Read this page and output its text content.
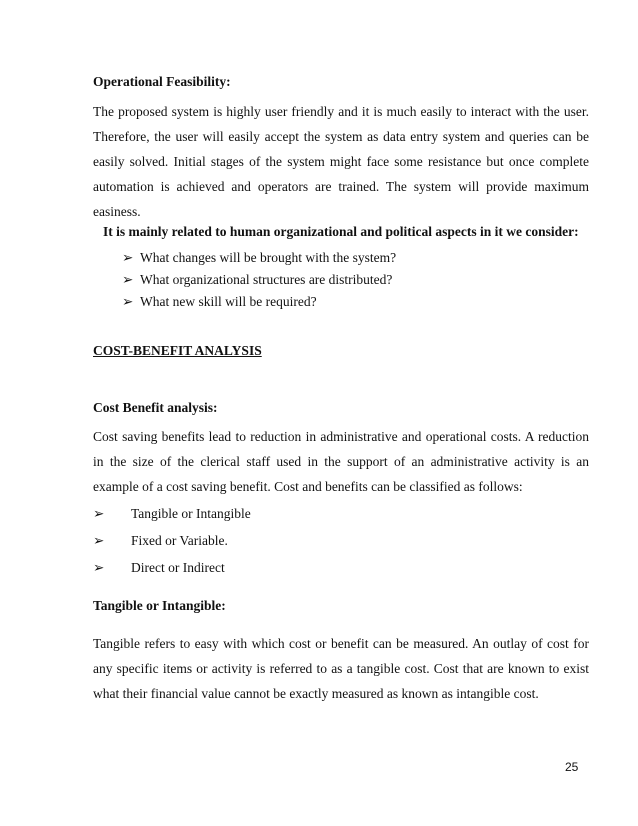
Operational Feasibility:
The proposed system is highly user friendly and it is much easily to interact with the user. Therefore, the user will easily accept the system as data entry system and queries can be easily solved. Initial stages of the system might face some resistance but once complete automation is achieved and operators are trained. The system will provide maximum easiness.
It is mainly related to human organizational and political aspects in it we consider:
➢ What changes will be brought with the system?
➢ What organizational structures are distributed?
➢ What new skill will be required?
COST-BENEFIT ANALYSIS
Cost Benefit analysis:
Cost saving benefits lead to reduction in administrative and operational costs. A reduction in the size of the clerical staff used in the support of an administrative activity is an example of a cost saving benefit. Cost and benefits can be classified as follows:
➢ Tangible or Intangible
➢ Fixed or Variable.
➢ Direct or Indirect
Tangible or Intangible:
Tangible refers to easy with which cost or benefit can be measured. An outlay of cost for any specific items or activity is referred to as a tangible cost. Cost that are known to exist what their financial value cannot be exactly measured as known as intangible cost.
25
